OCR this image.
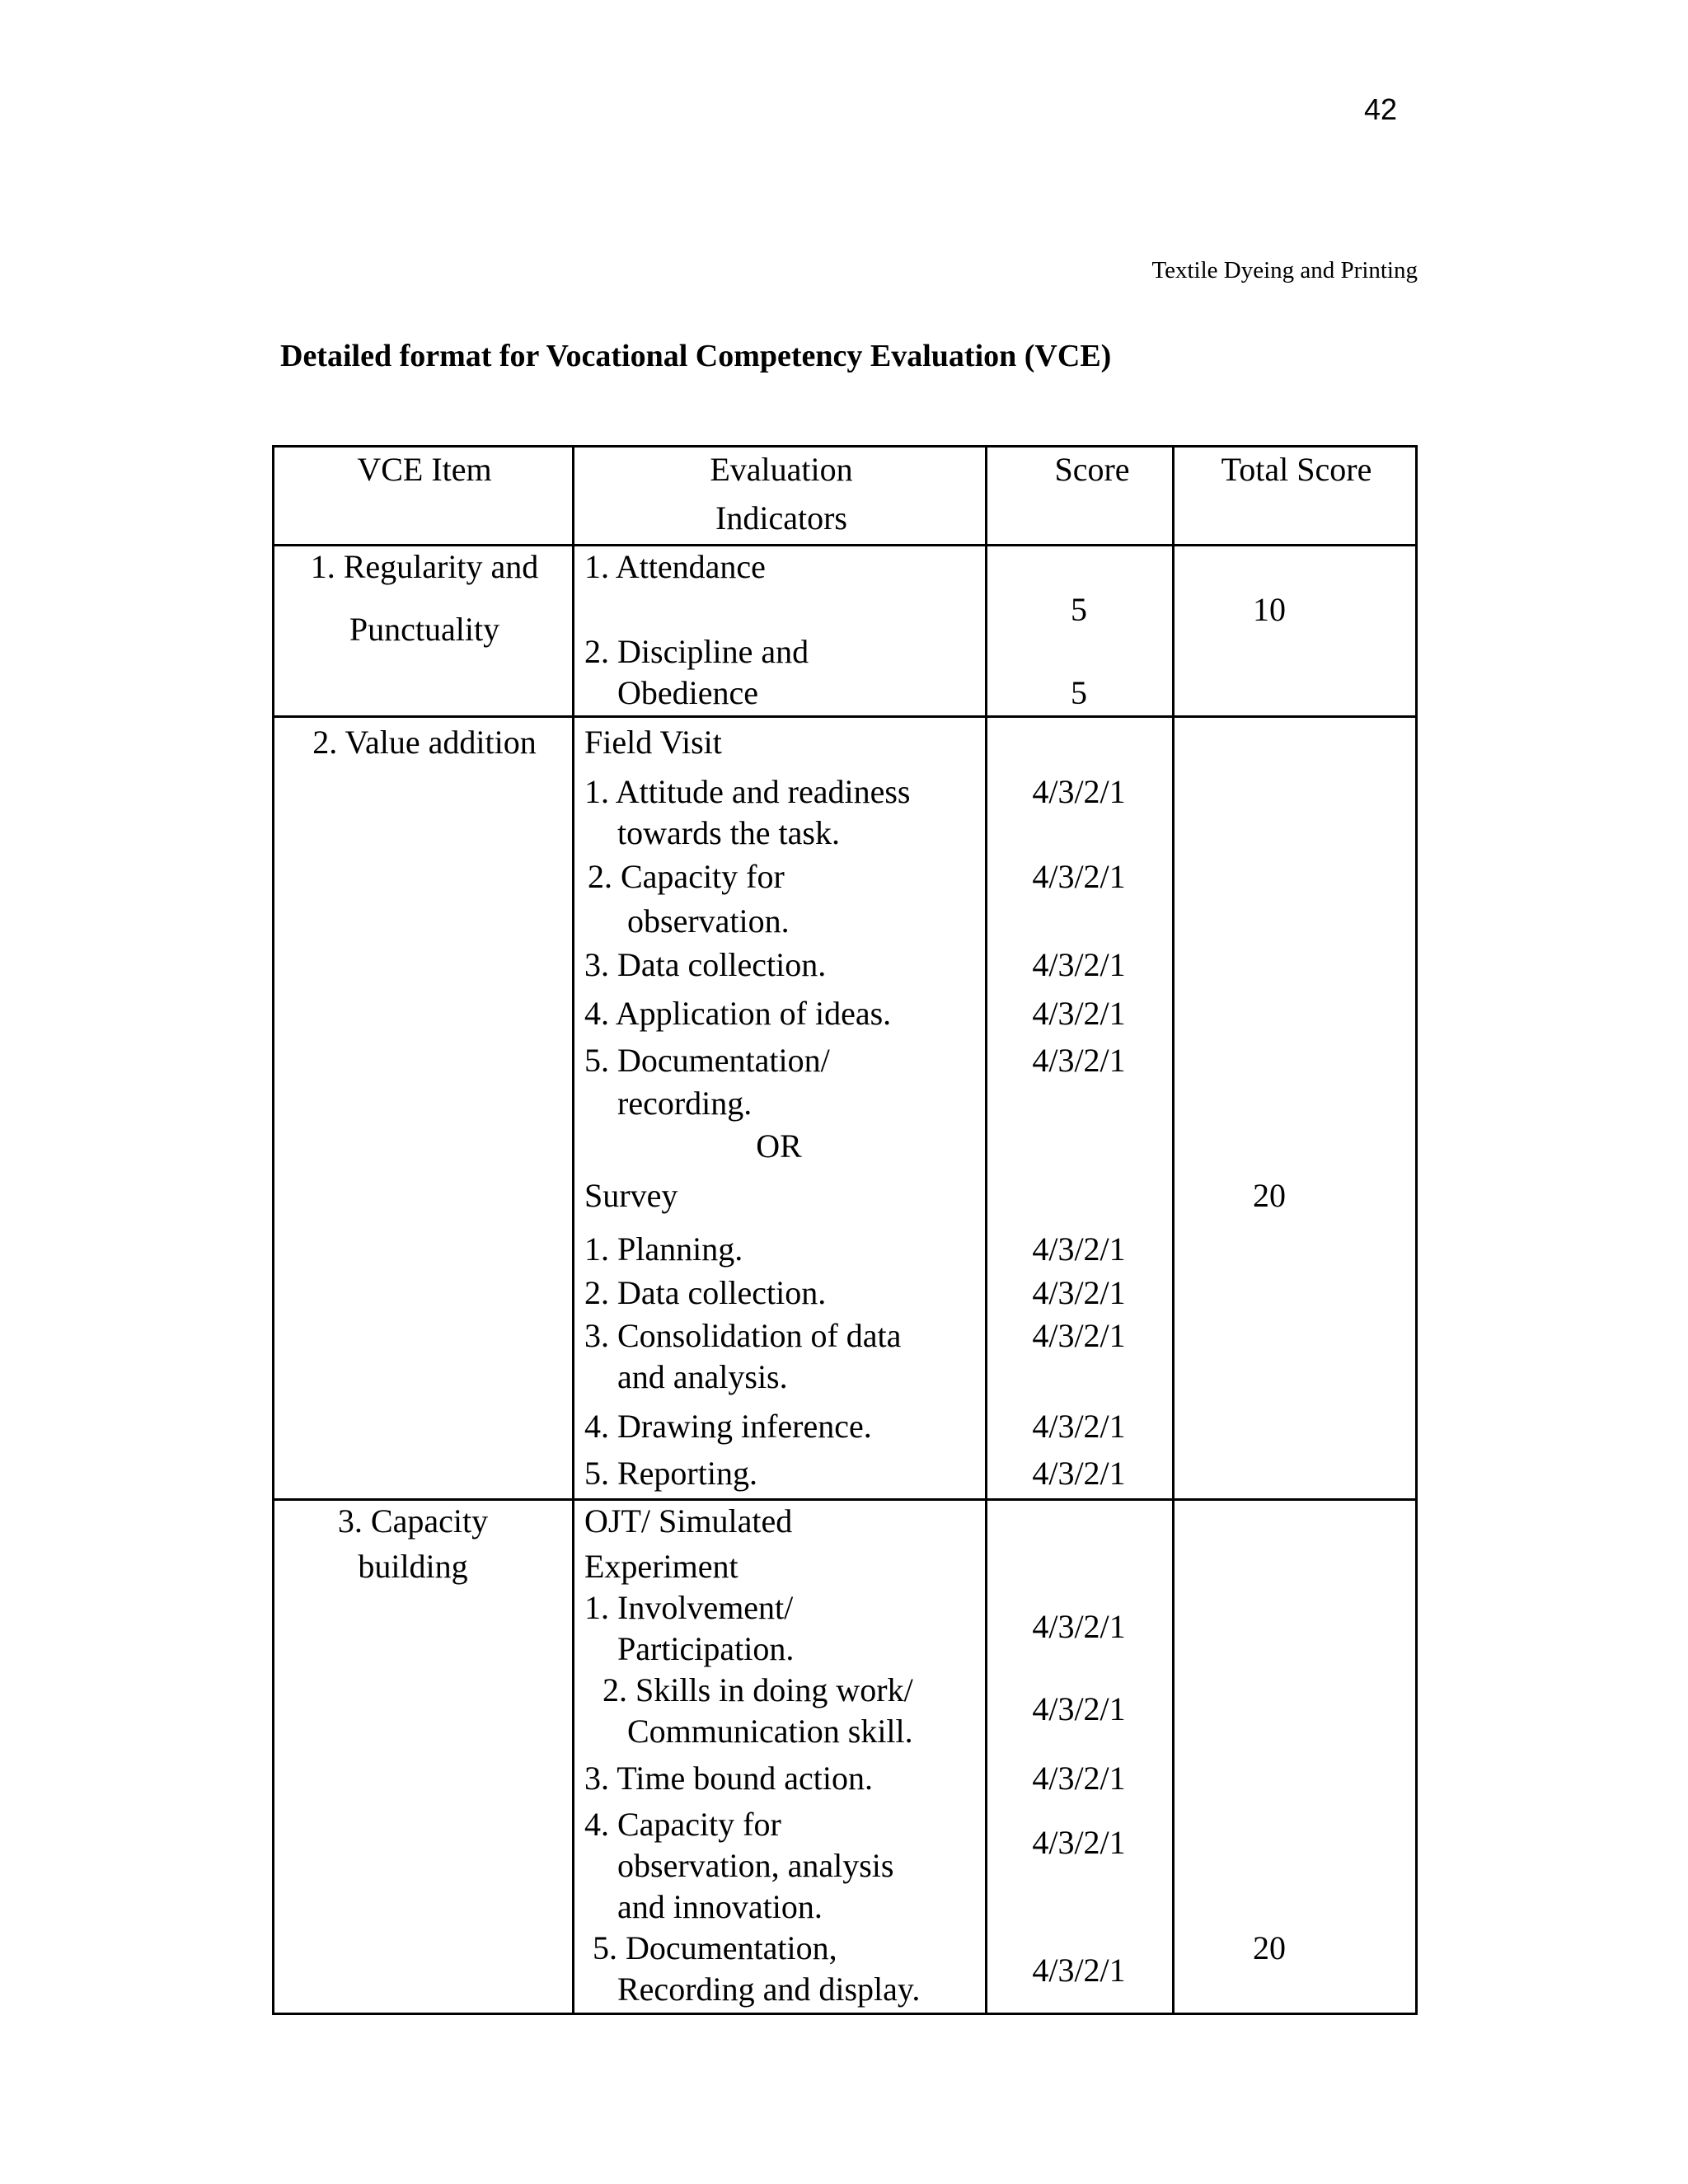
42
Textile Dyeing and Printing
Detailed format for Vocational Competency Evaluation (VCE)
VCE Item	Evaluation
Indicators
Score	Total Score
1. Regularity and
Punctuality
1. Attendance
2. Discipline and
Obedience
5
5
10
2. Value addition Field Visit
1. Attitude and readiness
towards the task.
2. Capacity for
observation.
3. Data collection.
4. Application of ideas.
5. Documentation/
recording.
OR
Survey
1. Planning.
2. Data collection.
3. Consolidation of data
and analysis.
4. Drawing inference.
5. Reporting.
4/3/2/1
4/3/2/1
4/3/2/1
4/3/2/1
4/3/2/1
4/3/2/1
4/3/2/1
4/3/2/1
4/3/2/1
4/3/2/1
20
3. Capacity
building
OJT/ Simulated
Experiment
1. Involvement/
Participation.
2. Skills in doing work/
Communication skill.
3. Time bound action.
4. Capacity for
observation, analysis
and innovation.
5. Documentation,
Recording and display.
4/3/2/1
4/3/2/1
4/3/2/1
4/3/2/1
4/3/2/1
20
